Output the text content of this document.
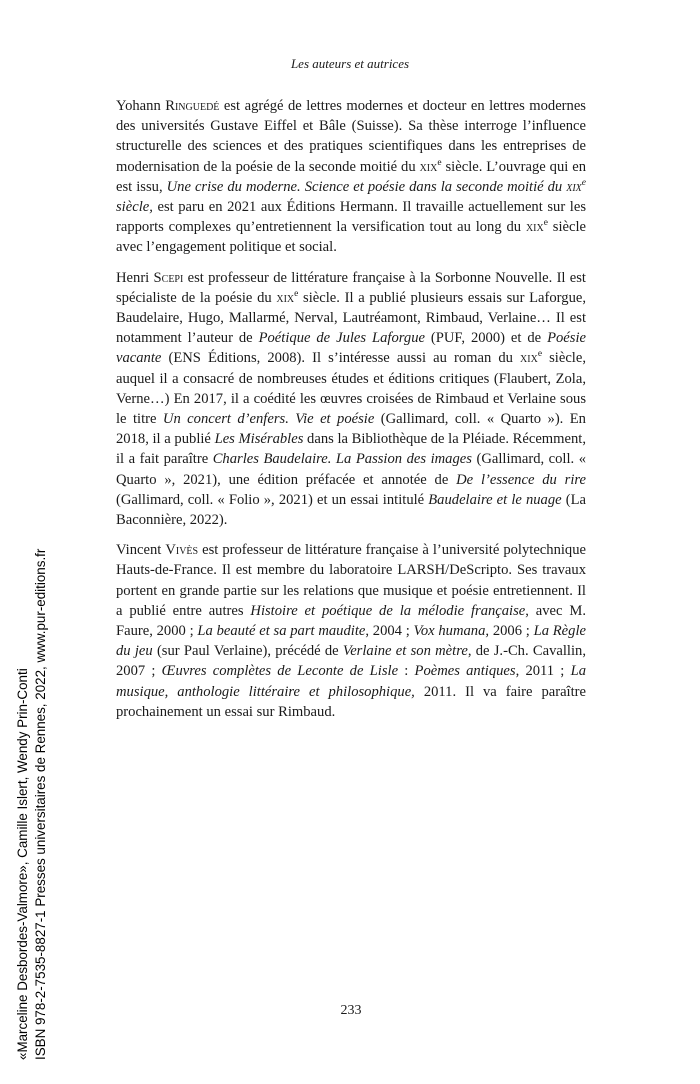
Les auteurs et autrices

Yohann Ringuedé est agrégé de lettres modernes et docteur en lettres modernes des universités Gustave Eiffel et Bâle (Suisse). Sa thèse interroge l’influence structurelle des sciences et des pratiques scientifiques dans les entreprises de modernisation de la poésie de la seconde moitié du xix$^e$ siècle. L’ouvrage qui en est issu, Une crise du moderne. Science et poésie dans la seconde moitié du xix$^e$ siècle, est paru en 2021 aux Éditions Hermann. Il travaille actuellement sur les rapports complexes qu’entretiennent la versification tout au long du xix$^e$ siècle avec l’engagement politique et social.

Henri Scepi est professeur de littérature française à la Sorbonne Nouvelle. Il est spécialiste de la poésie du xix$^e$ siècle. Il a publié plusieurs essais sur Laforgue, Baudelaire, Hugo, Mallarmé, Nerval, Lautréamont, Rimbaud, Verlaine… Il est notamment l’auteur de Poétique de Jules Laforgue (PUF, 2000) et de Poésie vacante (ENS Éditions, 2008). Il s’intéresse aussi au roman du xix$^e$ siècle, auquel il a consacré de nombreuses études et éditions critiques (Flaubert, Zola, Verne…) En 2017, il a coédité les œuvres croisées de Rimbaud et Verlaine sous le titre Un concert d’enfers. Vie et poésie (Gallimard, coll. « Quarto »). En 2018, il a publié Les Misérables dans la Bibliothèque de la Pléiade. Récemment, il a fait paraître Charles Baudelaire. La Passion des images (Gallimard, coll. « Quarto », 2021), une édition préfacée et annotée de De l’essence du rire (Gallimard, coll. « Folio », 2021) et un essai intitulé Baudelaire et le nuage (La Baconnière, 2022).

Vincent Vivès est professeur de littérature française à l’université polytechnique Hauts-de-France. Il est membre du laboratoire LARSH/DeScripto. Ses travaux portent en grande partie sur les relations que musique et poésie entretiennent. Il a publié entre autres Histoire et poétique de la mélodie française, avec M. Faure, 2000 ; La beauté et sa part maudite, 2004 ; Vox humana, 2006 ; La Règle du jeu (sur Paul Verlaine), précédé de Verlaine et son mètre, de J.-Ch. Cavallin, 2007 ; Œuvres complètes de Leconte de Lisle : Poèmes antiques, 2011 ; La musique, anthologie littéraire et philosophique, 2011. Il va faire paraître prochainement un essai sur Rimbaud.

233
«Marceline Desbordes-Valmore», Camille Islert, Wendy Prin-Conti ISBN 978-2-7535-8827-1 Presses universitaires de Rennes, 2022, www.pur-editions.fr
